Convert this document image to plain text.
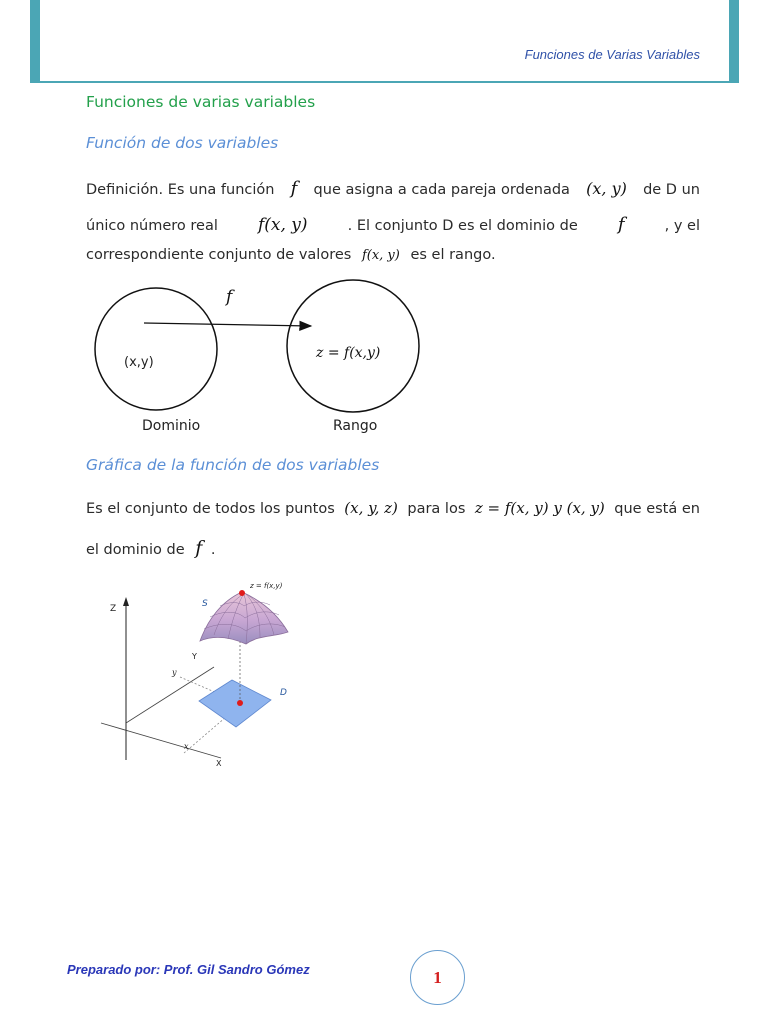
Funciones de Varias Variables
Funciones de varias variables
Función de dos variables
Definición. Es una función f que asigna a cada pareja ordenada (x, y) de D un
único número real f(x, y)	. El conjunto D es el dominio de f	, y el
correspondiente conjunto de valores f(x, y) es el rango.
f
(x,y)
z = f(x,y)
Dominio	Rango
Gráfica de la función de dos variables
Es el conjunto de todos los puntos (x, y, z) para los z = f(x, y) y (x, y) que está en
el dominio de f .
Z
Y
X
y
x
S
D
z = f(x,y)
Preparado por: Prof. Gil Sandro Gómez	1
